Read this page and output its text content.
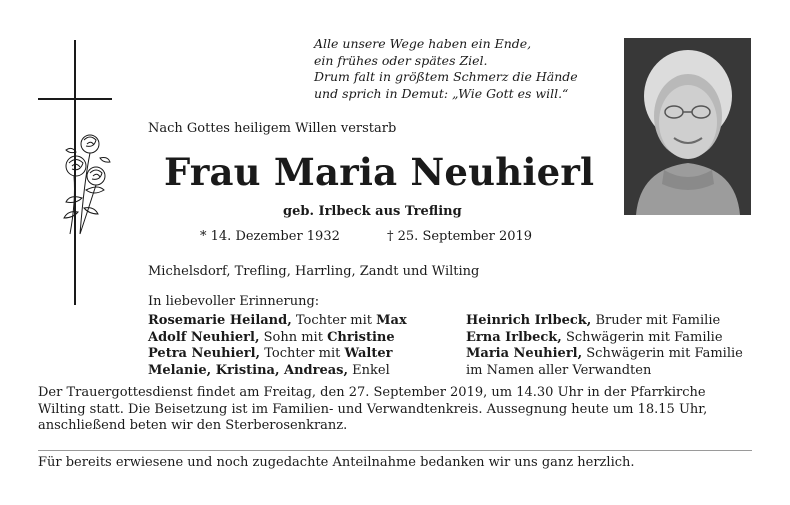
Alle unsere Wege haben ein Ende,
ein frühes oder spätes Ziel.
Drum falt in größtem Schmerz die Hände
und sprich in Demut: „Wie Gott es will.“
Nach Gottes heiligem Willen verstarb
Frau Maria Neuhierl
geb. Irlbeck aus Trefling
* 14. Dezember 1932	† 25. September 2019
Michelsdorf, Trefling, Harrling, Zandt und Wilting
In liebevoller Erinnerung:
Rosemarie Heiland, Tochter mit Max
Adolf Neuhierl, Sohn mit Christine
Petra Neuhierl, Tochter mit Walter
Melanie, Kristina, Andreas, Enkel
Heinrich Irlbeck, Bruder mit Familie
Erna Irlbeck, Schwägerin mit Familie
Maria Neuhierl, Schwägerin mit Familie
im Namen aller Verwandten
Der Trauergottesdienst findet am Freitag, den 27. September 2019, um 14.30 Uhr in der Pfarrkirche Wilting statt. Die Beisetzung ist im Familien- und Verwandtenkreis. Aussegnung heute um 18.15 Uhr, anschließend beten wir den Sterberosenkranz.
Für bereits erwiesene und noch zugedachte Anteilnahme bedanken wir uns ganz herzlich.
